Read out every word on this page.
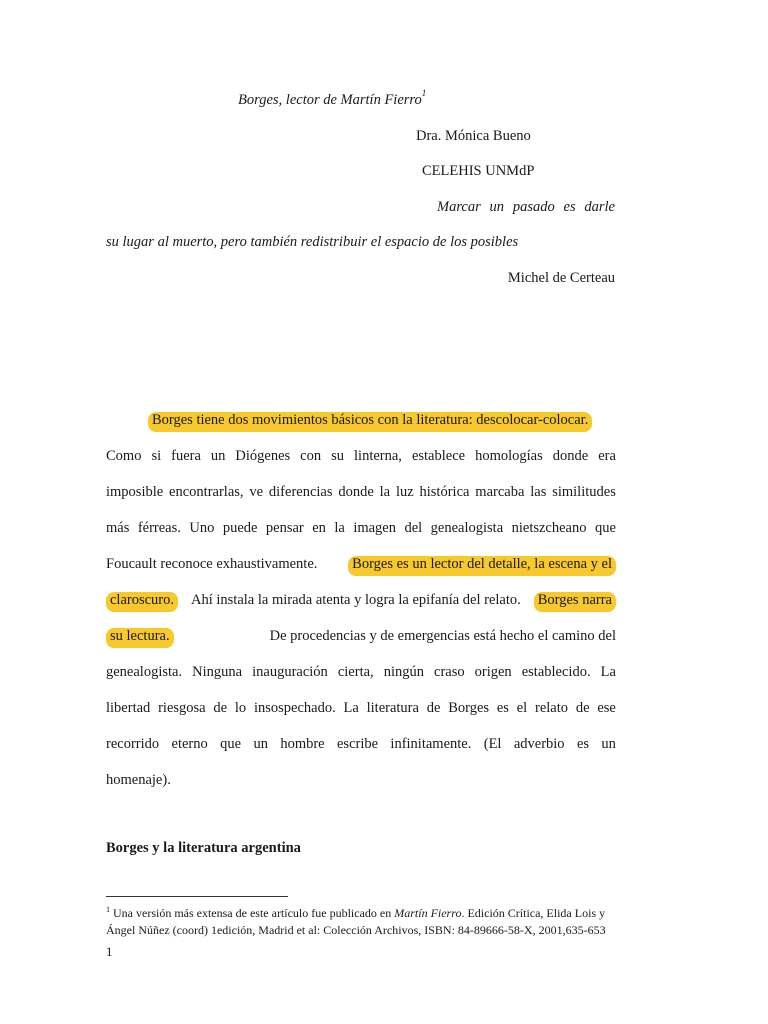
Borges, lector de Martín Fierro$^1$
Dra. Mónica Bueno
CELEHIS UNMdP
Marcar un pasado es darle
su lugar al muerto, pero también redistribuir el espacio de los posibles
Michel de Certeau
Borges tiene dos movimientos básicos con la literatura: descolocar-colocar.
Como si fuera un Diógenes con su linterna, establece homologías donde era
imposible encontrarlas, ve diferencias donde la luz histórica marcaba las similitudes
más férreas. Uno puede pensar en la imagen del genealogista nietszcheano que
Foucault reconoce exhaustivamente. Borges es un lector del detalle, la escena y el
claroscuro. Ahí instala la mirada atenta y logra la epifanía del relato. Borges narra
su lectura.	De procedencias y de emergencias está hecho el camino del
genealogista. Ninguna inauguración cierta, ningún craso origen establecido. La
libertad riesgosa de lo insospechado. La literatura de Borges es el relato de ese
recorrido eterno que un hombre escribe infinitamente. (El adverbio es un
homenaje).
Borges y la literatura argentina
$^1$ Una versión más extensa de este artículo fue publicado en Martín Fierro. Edición Crítica, Elida Lois y
Ángel Núñez (coord) 1edición, Madrid et al: Colección Archivos, ISBN: 84-89666-58-X, 2001,635-653
1
